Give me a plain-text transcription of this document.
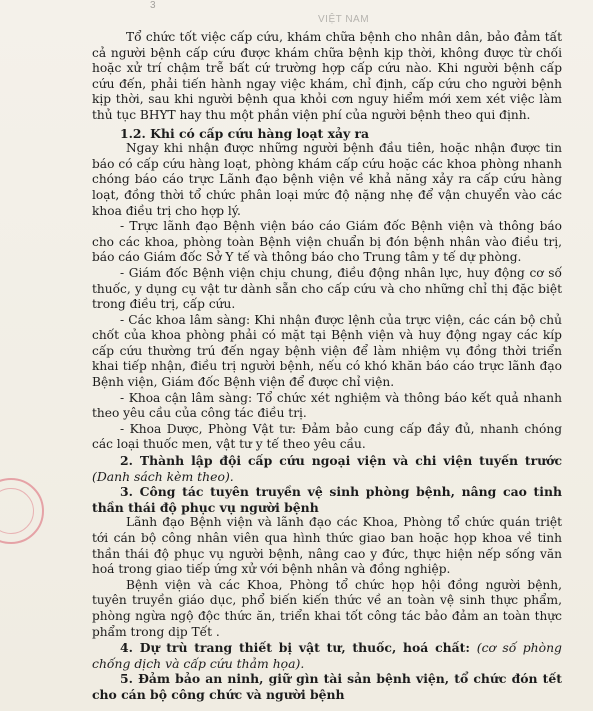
3
VIỆT NAM

Tổ chức tốt việc cấp cứu, khám chữa bệnh cho nhân dân, bảo đảm tất cả người bệnh cấp cứu được khám chữa bệnh kịp thời, không được từ chối hoặc xử trí chậm trễ bất cứ trường hợp cấp cứu nào. Khi người bệnh cấp cứu đến, phải tiến hành ngay việc khám, chỉ định, cấp cứu cho người bệnh kịp thời, sau khi người bệnh qua khỏi cơn nguy hiểm mới xem xét việc làm thủ tục BHYT hay thu một phần viện phí của người bệnh theo qui định.

1.2. Khi có cấp cứu hàng loạt xảy ra

Ngay khi nhận được những người bệnh đầu tiên, hoặc nhận được tin báo có cấp cứu hàng loạt, phòng khám cấp cứu hoặc các khoa phòng nhanh chóng báo cáo trực Lãnh đạo bệnh viện về khả năng xảy ra cấp cứu hàng loạt, đồng thời tổ chức phân loại mức độ nặng nhẹ để vận chuyển vào các khoa điều trị cho hợp lý.

- Trực lãnh đạo Bệnh viện báo cáo Giám đốc Bệnh viện và thông báo cho các khoa, phòng toàn Bệnh viện chuẩn bị đón bệnh nhân vào điều trị, báo cáo Giám đốc Sở Y tế và thông báo cho Trung tâm y tế dự phòng.

- Giám đốc Bệnh viện chịu chung, điều động nhân lực, huy động cơ số thuốc, y dụng cụ vật tư dành sẵn cho cấp cứu và cho những chỉ thị đặc biệt trong điều trị, cấp cứu.

- Các khoa lâm sàng: Khi nhận được lệnh của trực viện, các cán bộ chủ chốt của khoa phòng phải có mặt tại Bệnh viện và huy động ngay các kíp cấp cứu thường trú đến ngay bệnh viện để làm nhiệm vụ đồng thời triển khai tiếp nhận, điều trị người bệnh, nếu có khó khăn báo cáo trực lãnh đạo Bệnh viện, Giám đốc Bệnh viện để được chỉ viện.

- Khoa cận lâm sàng: Tổ chức xét nghiệm và thông báo kết quả nhanh theo yêu cầu của công tác điều trị.

- Khoa Dược, Phòng Vật tư: Đảm bảo cung cấp đầy đủ, nhanh chóng các loại thuốc men, vật tư y tế theo yêu cầu.

2. Thành lập đội cấp cứu ngoại viện và chi viện tuyến trước (Danh sách kèm theo).
3. Công tác tuyên truyền vệ sinh phòng bệnh, nâng cao tinh thần thái độ phục vụ người bệnh

Lãnh đạo Bệnh viện và lãnh đạo các Khoa, Phòng tổ chức quán triệt tới cán bộ công nhân viên qua hình thức giao ban hoặc họp khoa về tinh thần thái độ phục vụ người bệnh, nâng cao y đức, thực hiện nếp sống văn hoá trong giao tiếp ứng xử với bệnh nhân và đồng nghiệp.

Bệnh viện và các Khoa, Phòng tổ chức họp hội đồng người bệnh, tuyên truyền giáo dục, phổ biến kiến thức về an toàn vệ sinh thực phẩm, phòng ngừa ngộ độc thức ăn, triển khai tốt công tác bảo đảm an toàn thực phẩm trong dịp Tết .

4. Dự trù trang thiết bị vật tư, thuốc, hoá chất: (cơ số phòng chống dịch và cấp cứu thảm họa).
5. Đảm bảo an ninh, giữ gìn tài sản bệnh viện, tổ chức đón tết cho cán bộ công chức và người bệnh
